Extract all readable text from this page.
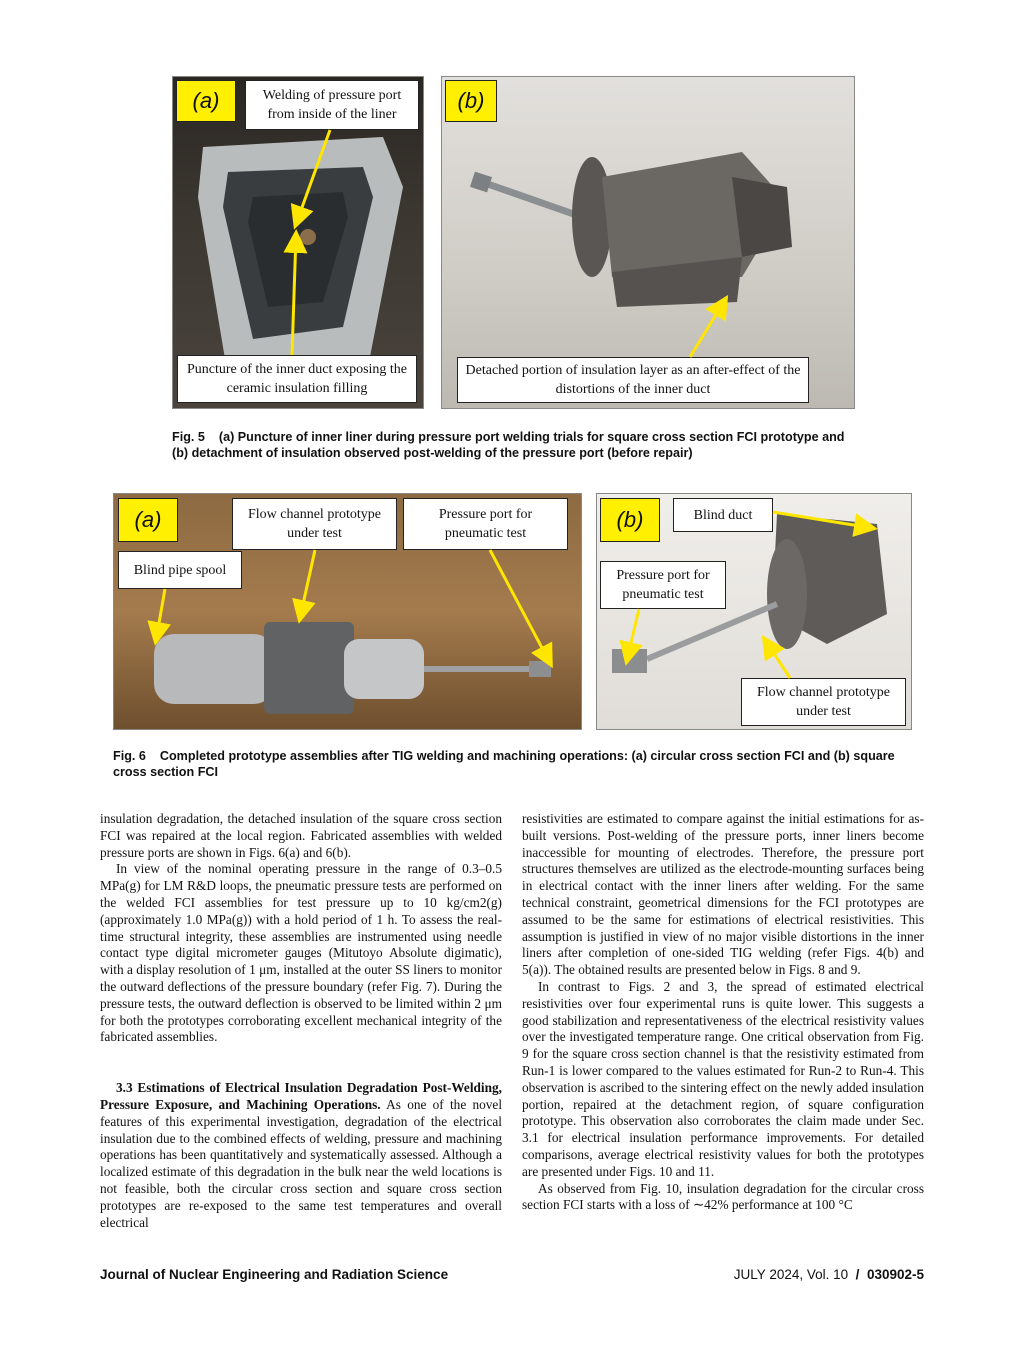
(a)	Welding of pressure port from inside of the liner
Puncture of the inner duct exposing the ceramic insulation filling
(b)
Detached portion of insulation layer as an after-effect of the distortions of the inner duct
Fig. 5 (a) Puncture of inner liner during pressure port welding trials for square cross section FCI prototype and (b) detachment of insulation observed post-welding of the pressure port (before repair)
(a)	Flow channel prototype under test
Pressure port for pneumatic test
Blind pipe spool
(b)	Blind duct
Pressure port for pneumatic test
Flow channel prototype under test
Fig. 6 Completed prototype assemblies after TIG welding and machining operations: (a) circular cross section FCI and (b) square cross section FCI

insulation degradation, the detached insulation of the square cross section FCI was repaired at the local region. Fabricated assemblies with welded pressure ports are shown in Figs. 6(a) and 6(b).

In view of the nominal operating pressure in the range of 0.3–0.5 MPa(g) for LM R&D loops, the pneumatic pressure tests are performed on the welded FCI assemblies for test pressure up to 10 kg/cm2(g) (approximately 1.0 MPa(g)) with a hold period of 1 h. To assess the real-time structural integrity, these assemblies are instrumented using needle contact type digital micrometer gauges (Mitutoyo Absolute digimatic), with a display resolution of 1 μm, installed at the outer SS liners to monitor the outward deflections of the pressure boundary (refer Fig. 7). During the pressure tests, the outward deflection is observed to be limited within 2 μm for both the prototypes corroborating excellent mechanical integrity of the fabricated assemblies.

3.3 Estimations of Electrical Insulation Degradation Post-Welding, Pressure Exposure, and Machining Operations. As one of the novel features of this experimental investigation, degradation of the electrical insulation due to the combined effects of welding, pressure and machining operations has been quantitatively and systematically assessed. Although a localized estimate of this degradation in the bulk near the weld locations is not feasible, both the circular cross section and square cross section prototypes are re-exposed to the same test temperatures and overall electrical

resistivities are estimated to compare against the initial estimations for as-built versions. Post-welding of the pressure ports, inner liners become inaccessible for mounting of electrodes. Therefore, the pressure port structures themselves are utilized as the electrode-mounting surfaces being in electrical contact with the inner liners after welding. For the same technical constraint, geometrical dimensions for the FCI prototypes are assumed to be the same for estimations of electrical resistivities. This assumption is justified in view of no major visible distortions in the inner liners after completion of one-sided TIG welding (refer Figs. 4(b) and 5(a)). The obtained results are presented below in Figs. 8 and 9.

In contrast to Figs. 2 and 3, the spread of estimated electrical resistivities over four experimental runs is quite lower. This suggests a good stabilization and representativeness of the electrical resistivity values over the investigated temperature range. One critical observation from Fig. 9 for the square cross section channel is that the resistivity estimated from Run-1 is lower compared to the values estimated for Run-2 to Run-4. This observation is ascribed to the sintering effect on the newly added insulation portion, repaired at the detachment region, of square configuration prototype. This observation also corroborates the claim made under Sec. 3.1 for electrical insulation performance improvements. For detailed comparisons, average electrical resistivity values for both the prototypes are presented under Figs. 10 and 11.

As observed from Fig. 10, insulation degradation for the circular cross section FCI starts with a loss of ∼42% performance at 100 °C

Journal of Nuclear Engineering and Radiation Science	JULY 2024, Vol. 10 / 030902-5
